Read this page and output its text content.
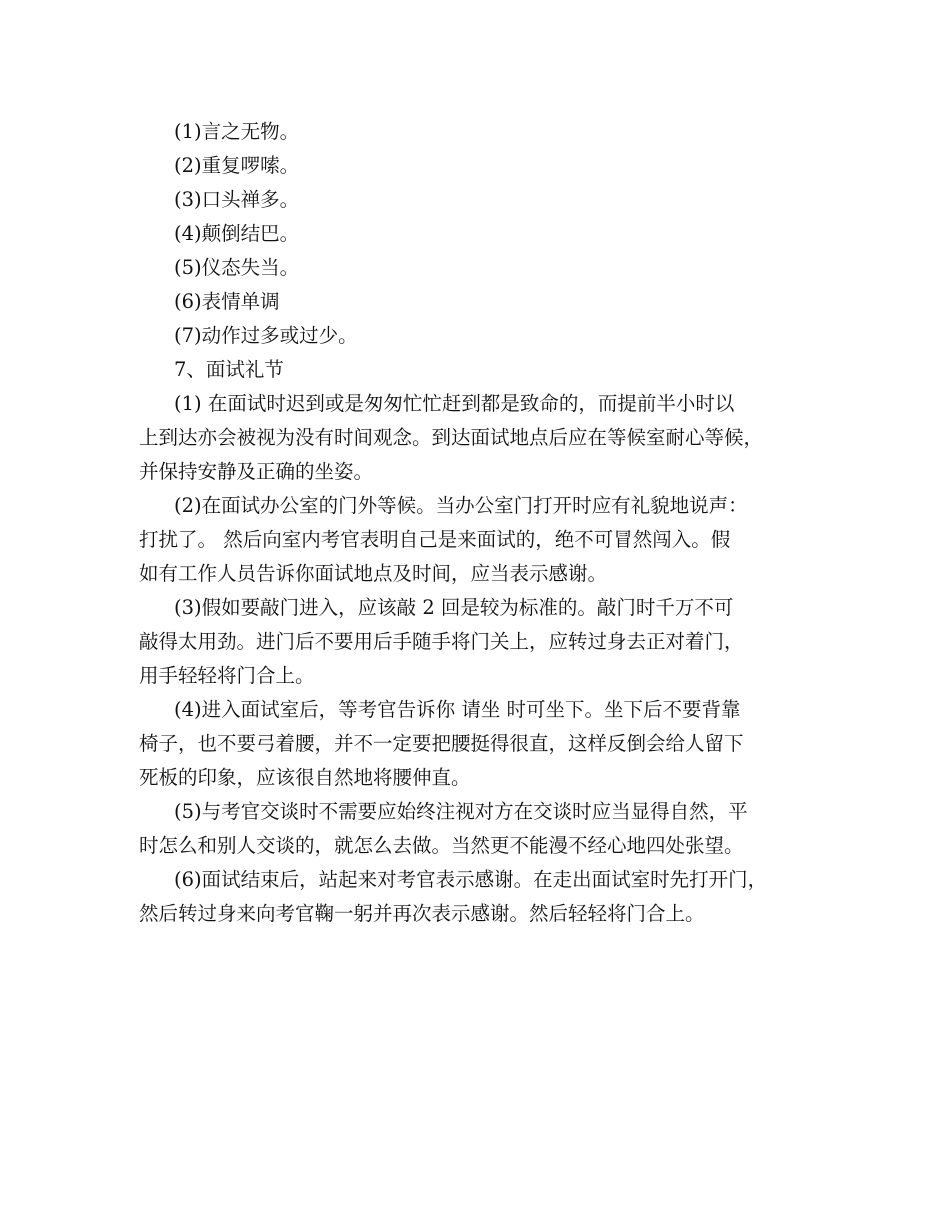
(1)言之无物。

(2)重复啰嗦。

(3)口头禅多。

(4)颠倒结巴。

(5)仪态失当。

(6)表情单调

(7)动作过多或过少。

7、面试礼节

(1) 在面试时迟到或是匆匆忙忙赶到都是致命的，而提前半小时以

上到达亦会被视为没有时间观念。到达面试地点后应在等候室耐心等候，

并保持安静及正确的坐姿。

(2)在面试办公室的门外等候。当办公室门打开时应有礼貌地说声：

打扰了。 然后向室内考官表明自己是来面试的，绝不可冒然闯入。假

如有工作人员告诉你面试地点及时间，应当表示感谢。

(3)假如要敲门进入，应该敲 2 回是较为标准的。敲门时千万不可

敲得太用劲。进门后不要用后手随手将门关上，应转过身去正对着门，

用手轻轻将门合上。

(4)进入面试室后，等考官告诉你 请坐 时可坐下。坐下后不要背靠

椅子，也不要弓着腰，并不一定要把腰挺得很直，这样反倒会给人留下

死板的印象，应该很自然地将腰伸直。

(5)与考官交谈时不需要应始终注视对方在交谈时应当显得自然，平

时怎么和别人交谈的，就怎么去做。当然更不能漫不经心地四处张望。

(6)面试结束后，站起来对考官表示感谢。在走出面试室时先打开门，

然后转过身来向考官鞠一躬并再次表示感谢。然后轻轻将门合上。
